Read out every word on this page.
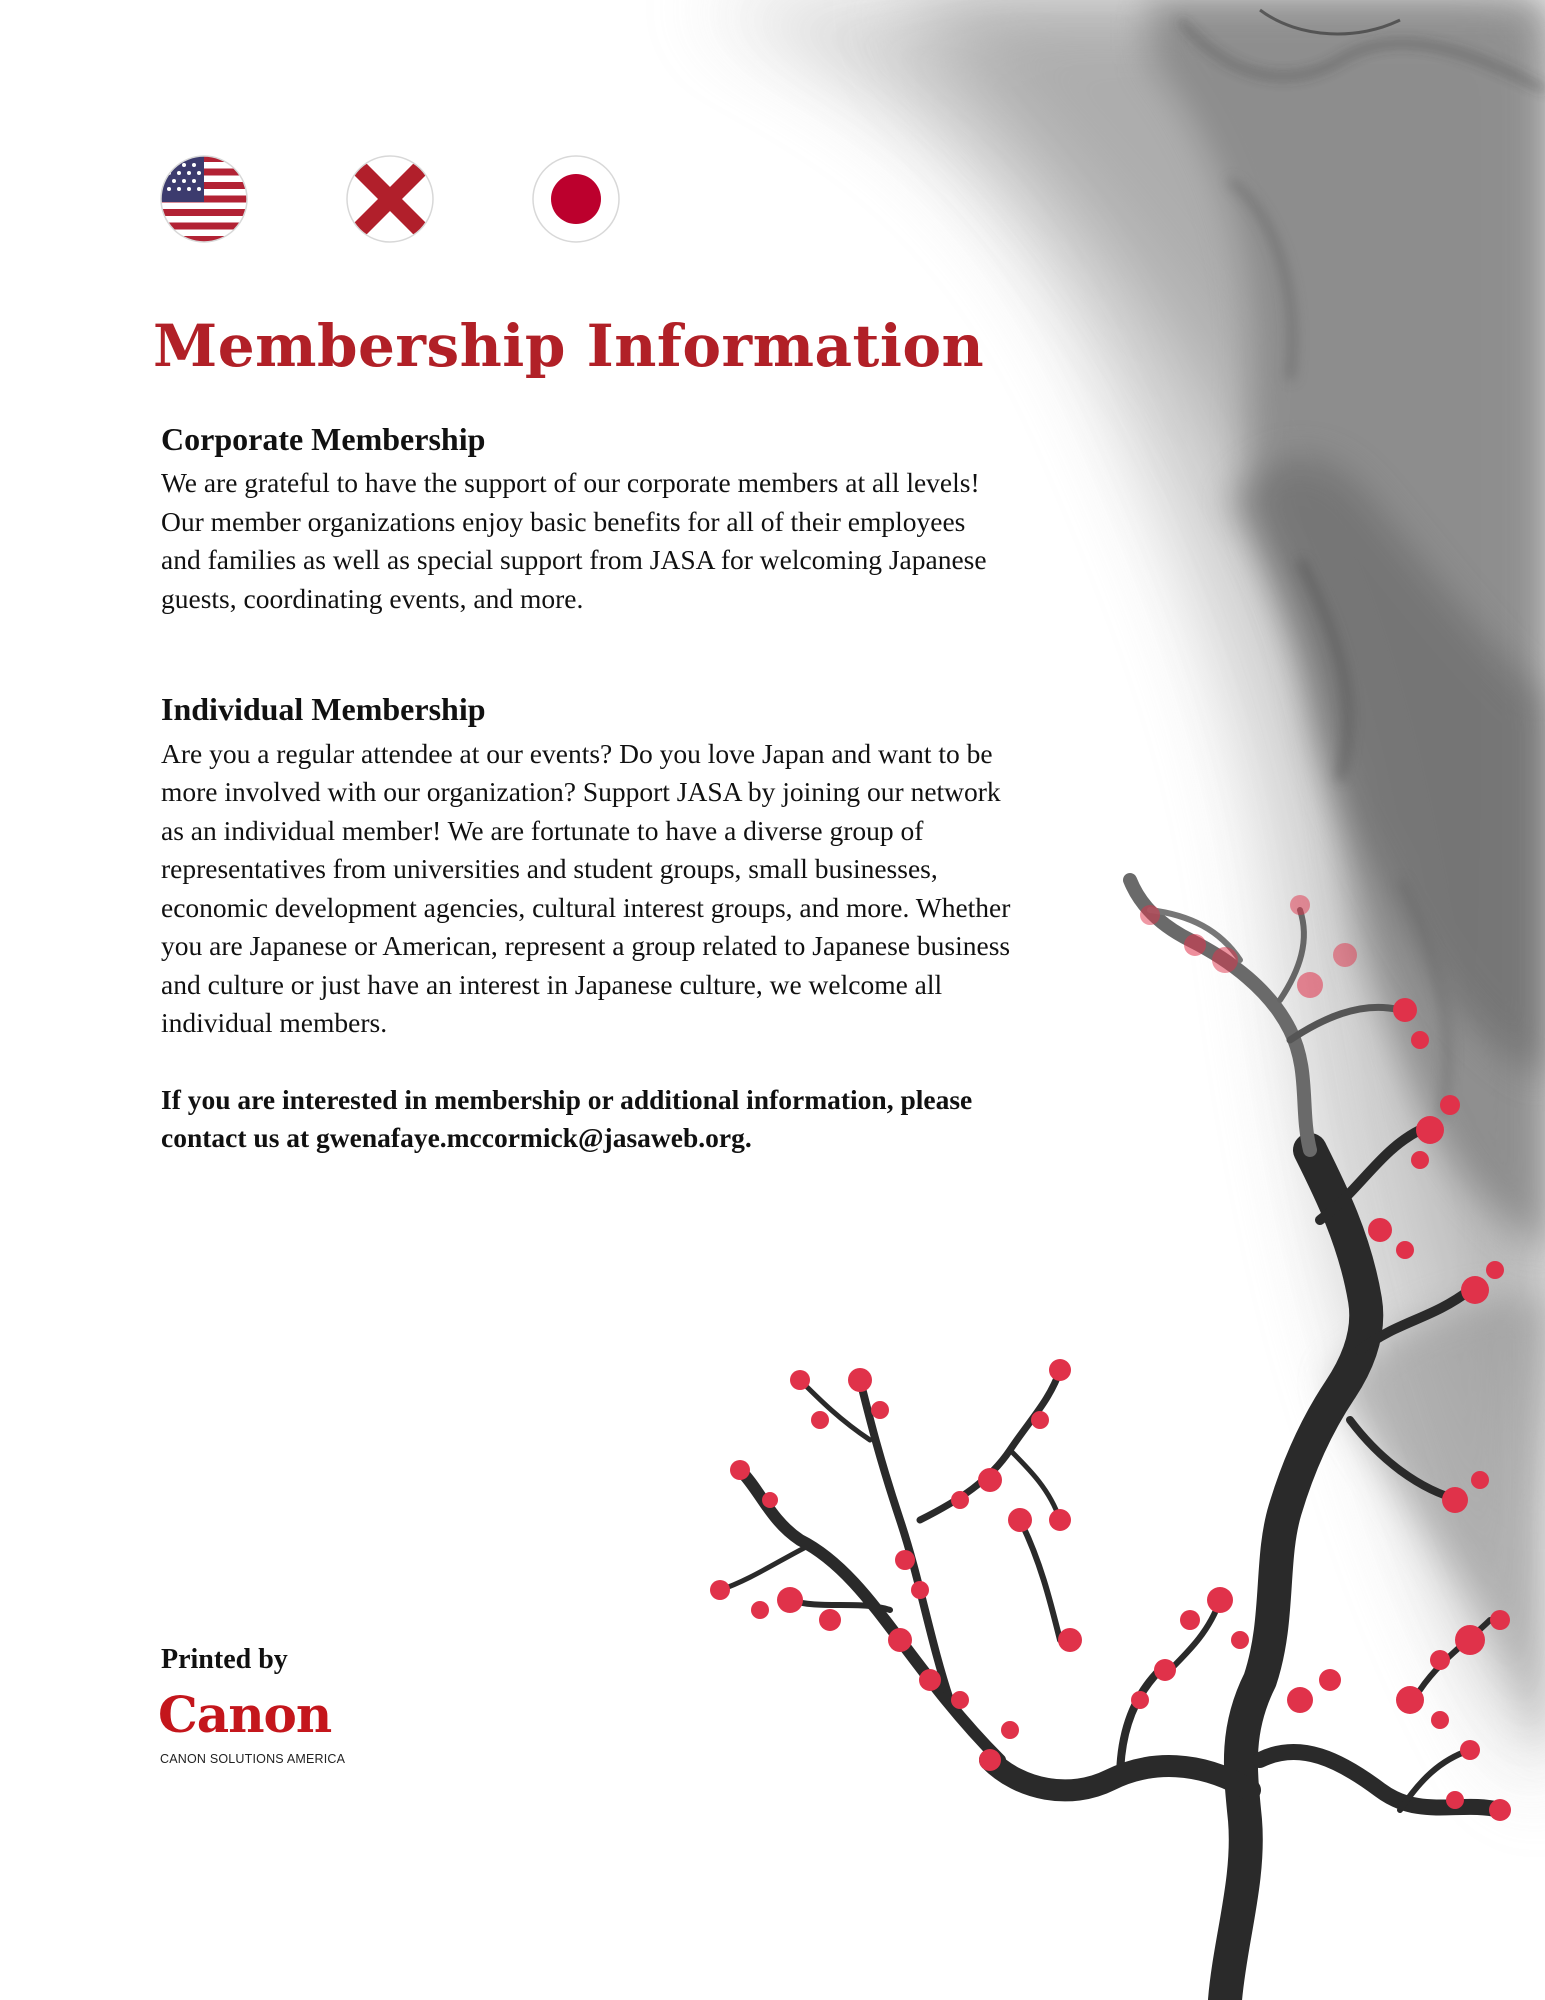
Membership Information
Corporate Membership

We are grateful to have the support of our corporate members at all levels! Our member organizations enjoy basic benefits for all of their employees and families as well as special support from JASA for welcoming Japanese guests, coordinating events, and more.

Individual Membership

Are you a regular attendee at our events? Do you love Japan and want to be more involved with our organization? Support JASA by joining our network as an individual member! We are fortunate to have a diverse group of representatives from universities and student groups, small businesses, economic development agencies, cultural interest groups, and more. Whether you are Japanese or American, represent a group related to Japanese business and culture or just have an interest in Japanese culture, we welcome all individual members.

If you are interested in membership or additional information, please contact us at gwenafaye.mccormick@jasaweb.org.

Printed by
Canon
CANON SOLUTIONS AMERICA
